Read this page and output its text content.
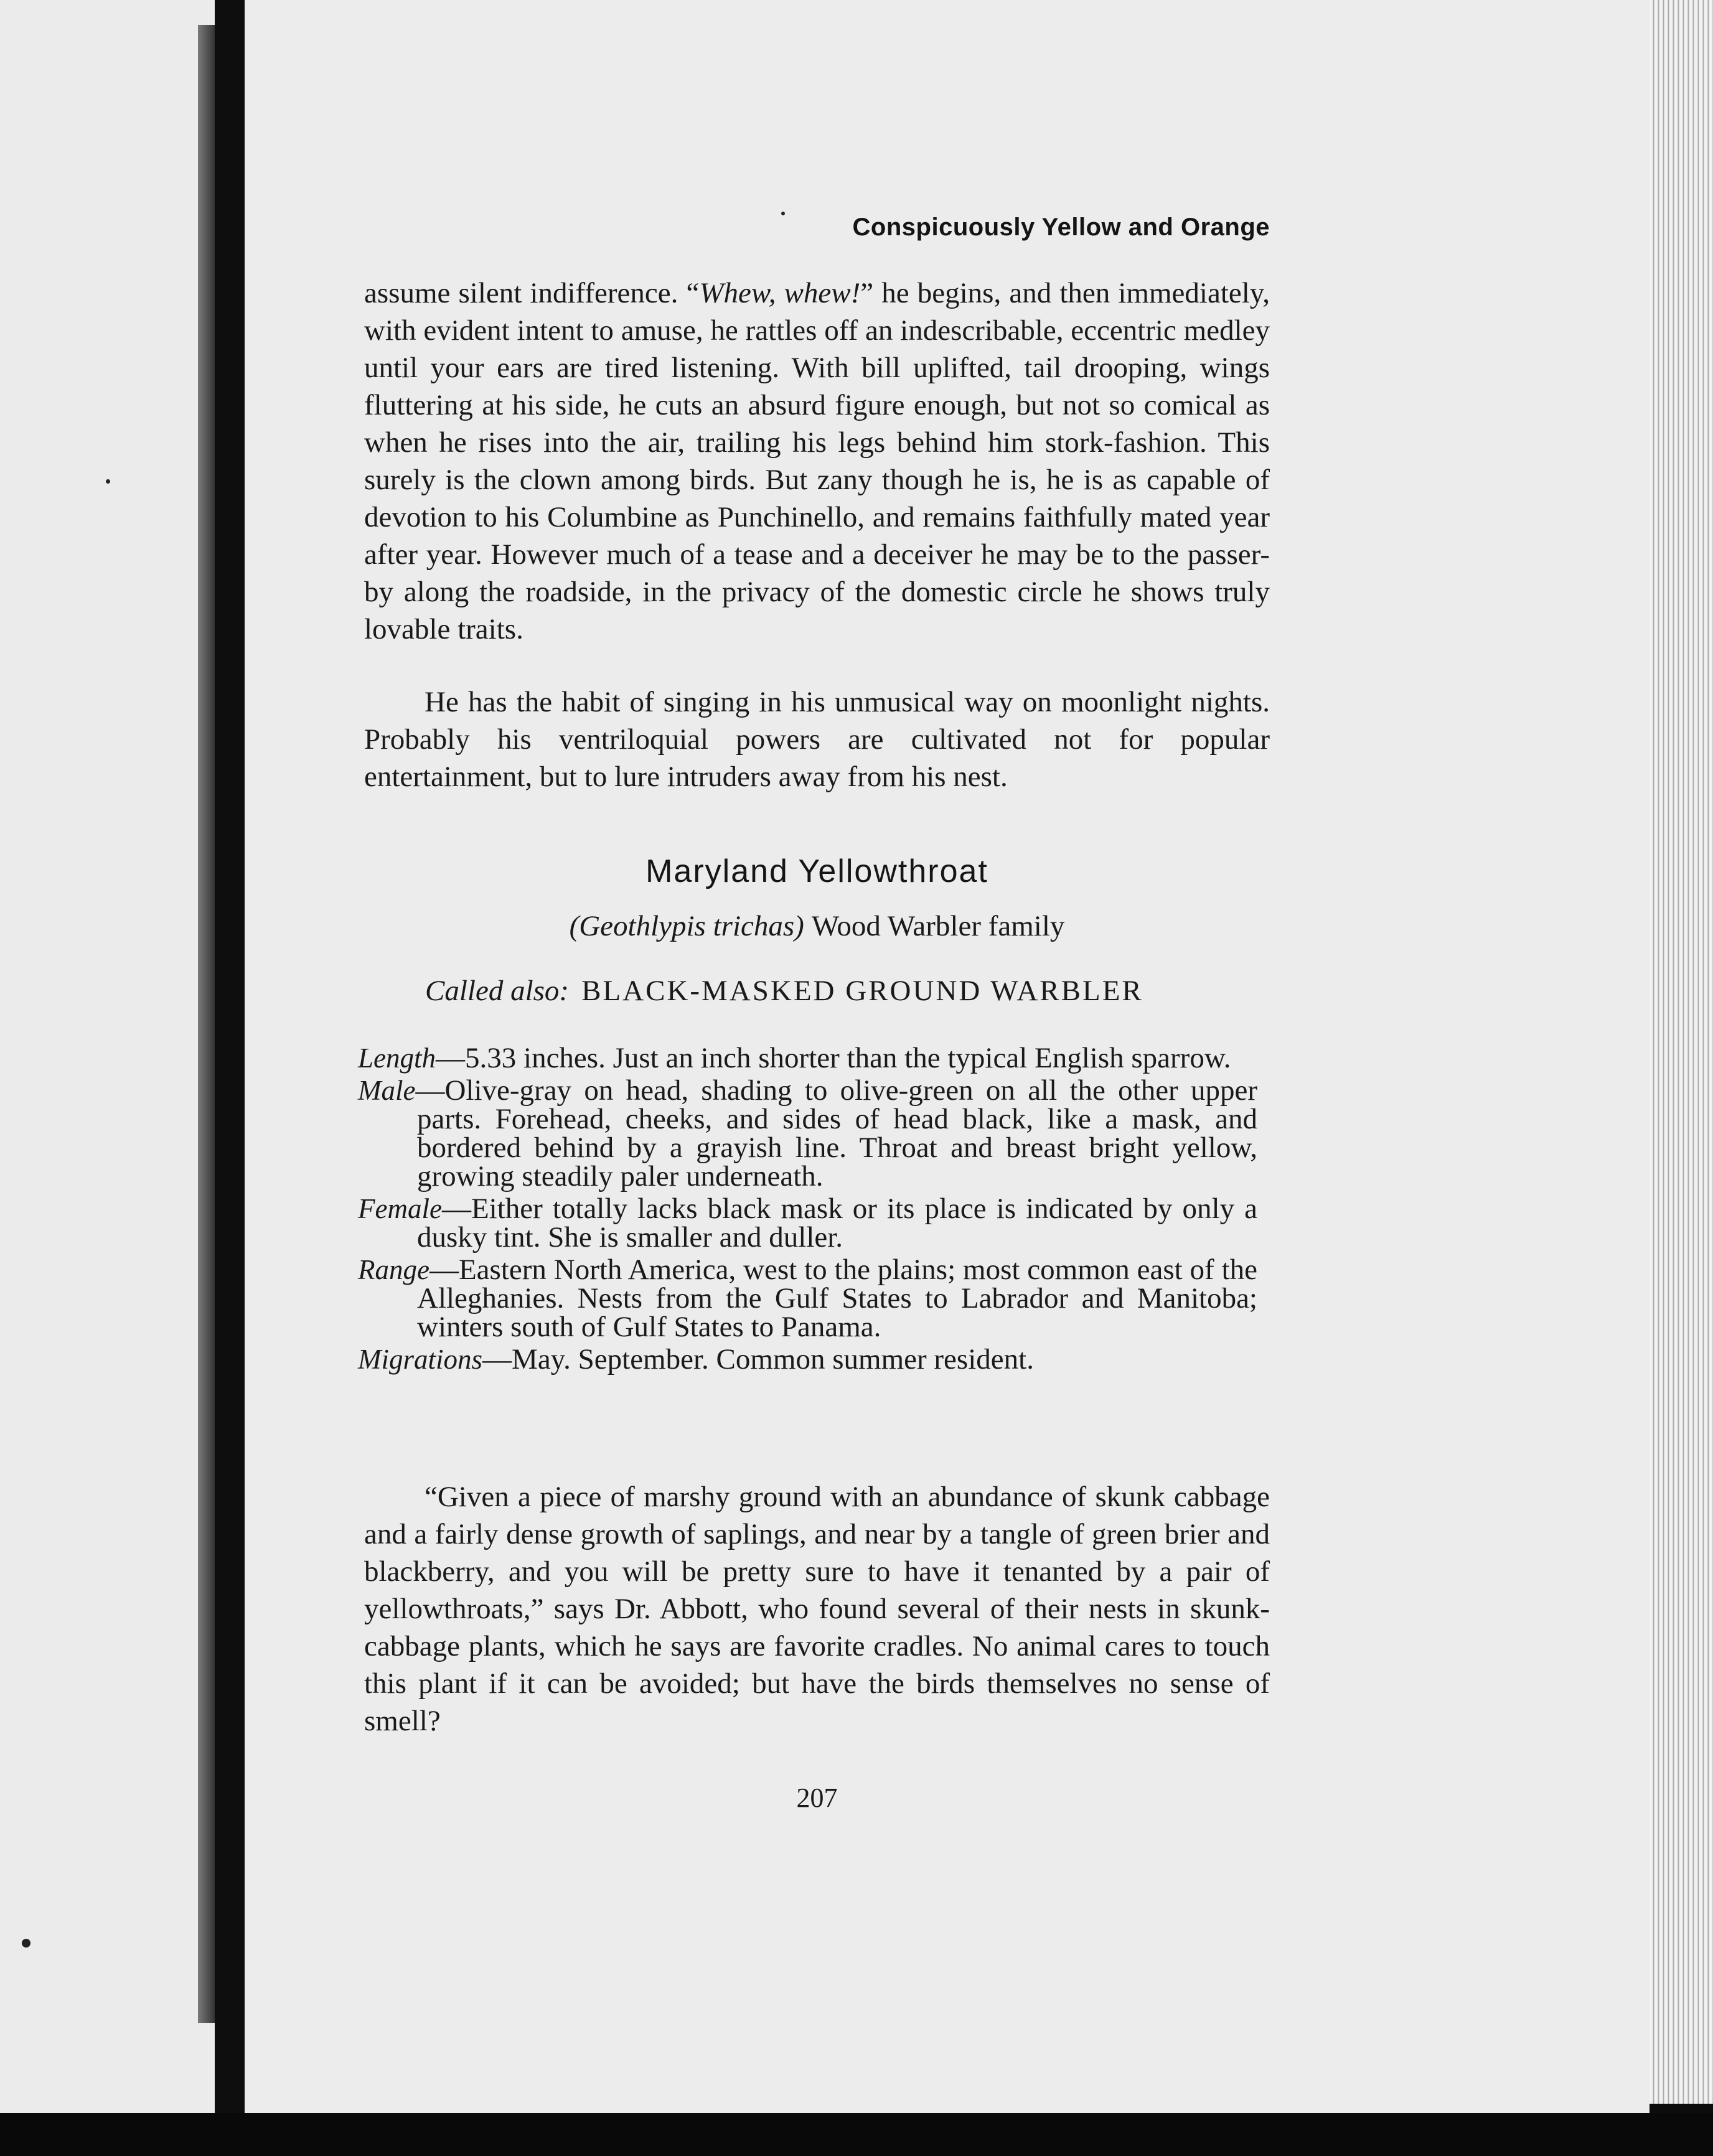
Conspicuously Yellow and Orange
assume silent indifference. “Whew, whew!” he begins, and then immediately, with evident intent to amuse, he rattles off an indescribable, eccentric medley until your ears are tired listening. With bill uplifted, tail drooping, wings fluttering at his side, he cuts an absurd figure enough, but not so comical as when he rises into the air, trailing his legs behind him stork-fashion. This surely is the clown among birds. But zany though he is, he is as capable of devotion to his Columbine as Punchinello, and remains faithfully mated year after year. However much of a tease and a deceiver he may be to the passer-by along the roadside, in the privacy of the domestic circle he shows truly lovable traits.
He has the habit of singing in his unmusical way on moonlight nights. Probably his ventriloquial powers are cultivated not for popular entertainment, but to lure intruders away from his nest.
Maryland Yellowthroat
(Geothlypis trichas) Wood Warbler family
Called also: BLACK-MASKED GROUND WARBLER
Length—5.33 inches. Just an inch shorter than the typical English sparrow.
Male—Olive-gray on head, shading to olive-green on all the other upper parts. Forehead, cheeks, and sides of head black, like a mask, and bordered behind by a grayish line. Throat and breast bright yellow, growing steadily paler underneath.
Female—Either totally lacks black mask or its place is indicated by only a dusky tint. She is smaller and duller.
Range—Eastern North America, west to the plains; most common east of the Alleghanies. Nests from the Gulf States to Labrador and Manitoba; winters south of Gulf States to Panama.
Migrations—May. September. Common summer resident.
“Given a piece of marshy ground with an abundance of skunk cabbage and a fairly dense growth of saplings, and near by a tangle of green brier and blackberry, and you will be pretty sure to have it tenanted by a pair of yellowthroats,” says Dr. Abbott, who found several of their nests in skunk-cabbage plants, which he says are favorite cradles. No animal cares to touch this plant if it can be avoided; but have the birds themselves no sense of smell?
207
